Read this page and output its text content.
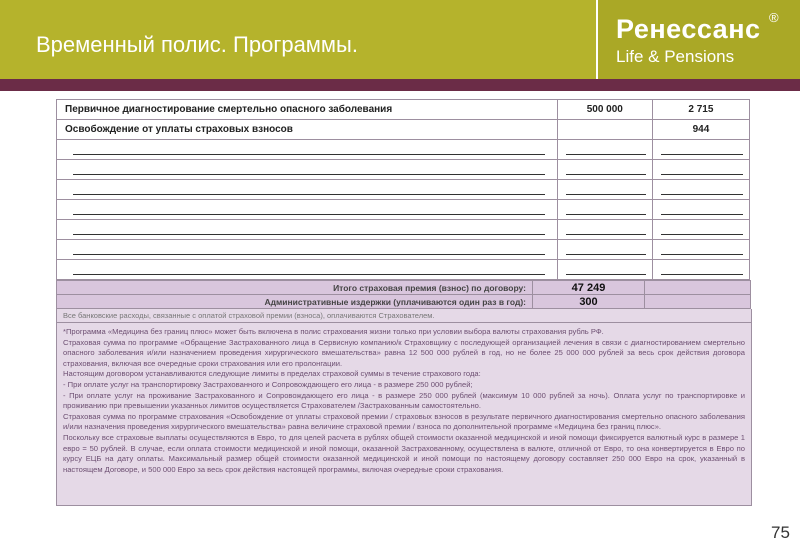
Временный полис. Программы.
Ренессанс ®
Life & Pensions
Первичное диагностирование смертельно опасного заболевания	500 000	2 715
Освобождение от уплаты страховых взносов		944

Итого страховая премия (взнос) по договору:	47 249	
Административные издержки (уплачиваются один раз в год):	300	
Все банковские расходы, связанные с оплатой страховой премии (взноса), оплачиваются Страхователем.

*Программа «Медицина без границ плюс» может быть включена в полис страхования жизни только при условии выбора валюты страхования рубль РФ.

Страховая сумма по программе «Обращение Застрахованного лица в Сервисную компанию/к Страховщику с последующей организацией лечения в связи с диагностированием смертельно опасного заболевания и/или назначением проведения хирургического вмешательства» равна 12 500 000 рублей в год, но не более 25 000 000 рублей за весь срок действия договора страхования, включая все очередные сроки страхования или его пролонгации.

Настоящим договором устанавливаются следующие лимиты в пределах страховой суммы в течение страхового года:

- При оплате услуг на транспортировку Застрахованного и Сопровождающего его лица - в размере 250 000 рублей;

- При оплате услуг на проживание Застрахованного и Сопровождающего его лица - в размере 250 000 рублей (максимум 10 000 рублей за ночь). Оплата услуг по транспортировке и проживанию при превышении указанных лимитов осуществляется Страхователем /Застрахованным самостоятельно.

Страховая сумма по программе страхования «Освобождение от уплаты страховой премии / страховых взносов в результате первичного диагностирования смертельно опасного заболевания и/или назначения проведения хирургического вмешательства» равна величине страховой премии / взноса по дополнительной программе «Медицина без границ плюс».

Поскольку все страховые выплаты осуществляются в Евро, то для целей расчета в рублях общей стоимости оказанной медицинской и иной помощи фиксируется валютный курс в размере 1 евро = 50 рублей. В случае, если оплата стоимости медицинской и иной помощи, оказанной Застрахованному, осуществлена в валюте, отличной от Евро, то она конвертируется в Евро по курсу ЕЦБ на дату оплаты. Максимальный размер общей стоимости оказанной медицинской и иной помощи по настоящему договору составляет 250 000 Евро на срок, указанный в настоящем Договоре, и 500 000 Евро за весь срок действия настоящей программы, включая очередные сроки страхования.

75
